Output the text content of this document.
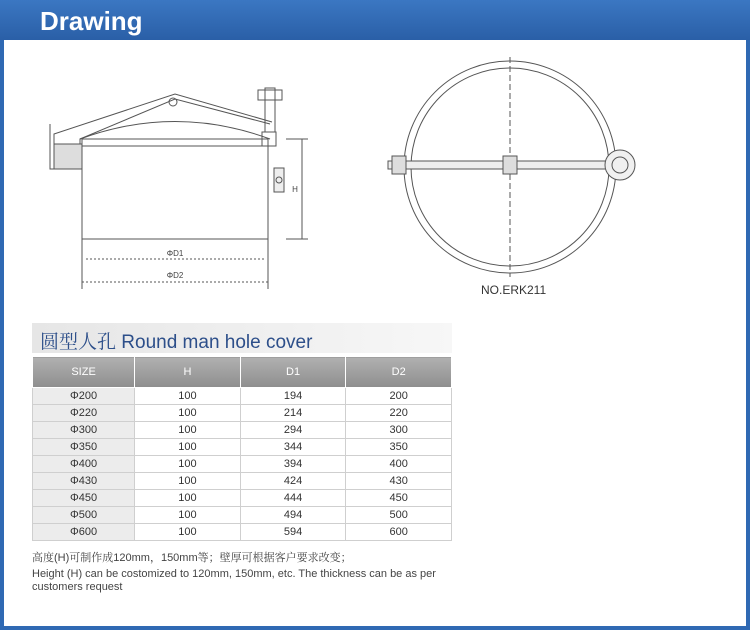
Drawing
ΦD1
ΦD2
H
NO.ERK211
圆型人孔 Round man hole cover
SIZE	H	D1	D2
Φ200	100	194	200
Φ220	100	214	220
Φ300	100	294	300
Φ350	100	344	350
Φ400	100	394	400
Φ430	100	424	430
Φ450	100	444	450
Φ500	100	494	500
Φ600	100	594	600
高度(H)可制作成120mm，150mm等；壁厚可根据客户要求改变；
Height (H) can be costomized to 120mm, 150mm, etc. The thickness can be as per customers request
